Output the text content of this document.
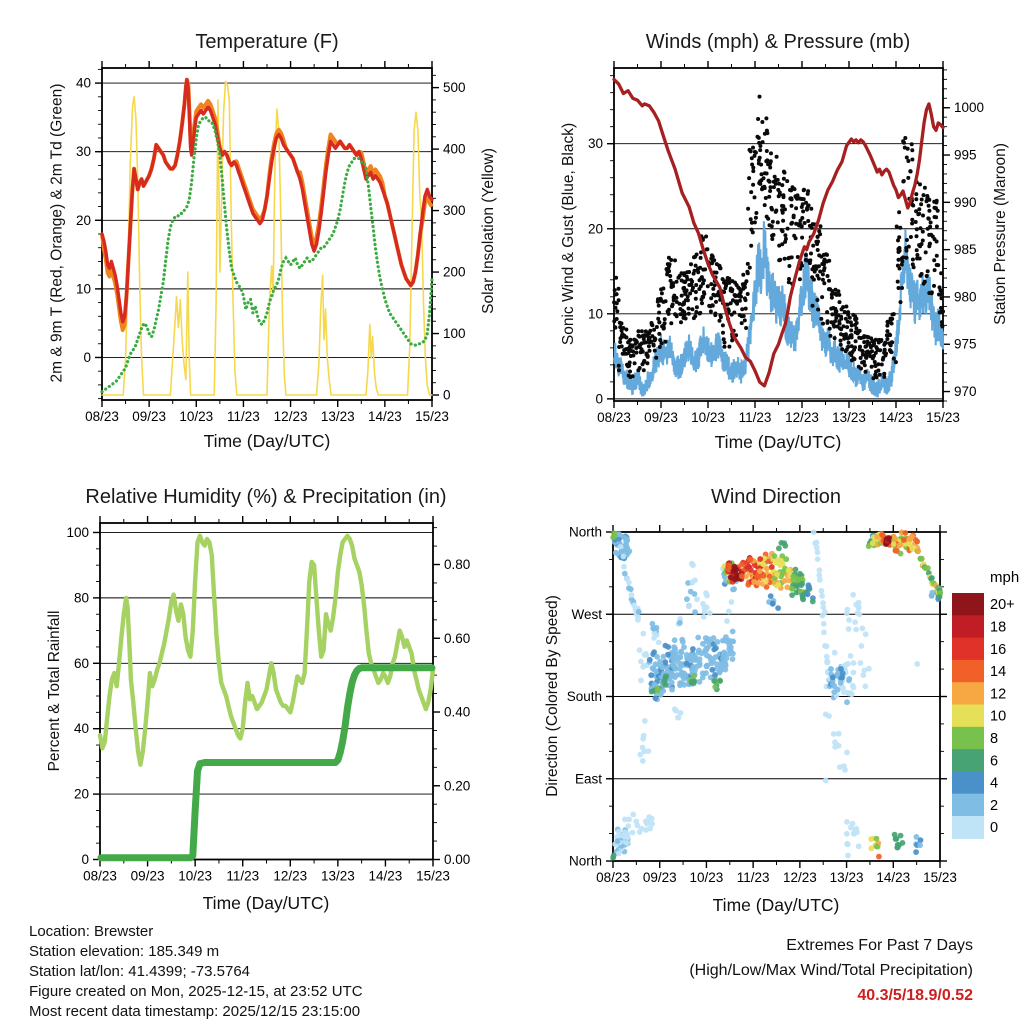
08/23 09/23 10/23 11/23 12/23 13/23 14/23 15/23
0
10
20
30
40
0
100
200
300
400
500
08/23 09/23 10/23 11/23 12/23 13/23 14/23 15/23
0
10
20
30
970
975
980
985
990
995
1000
08/23 09/23 10/23 11/23 12/23 13/23 14/23 15/23
0
20
40
60
80
100
0.00
0.20
0.40
0.60
0.80
08/23 09/23 10/23 11/23 12/23 13/23 14/23 15/23
North
West
South
East
North
20+
18
16
14
12
10
8
6
4
2
0
mph
Temperature (F)	Winds (mph) & Pressure (mb)
Relative Humidity (%) & Precipitation (in)	Wind Direction
Time (Day/UTC)	Time (Day/UTC)
Time (Day/UTC)	Time (Day/UTC)
2m & 9m T (Red, Orange) & 2m Td (Green)	Solar Insolation (Yellow)	Sonic Wind & Gust (Blue, Black)	Station Pressure (Maroon)
Percent & Total Rainfall	Direction (Colored By Speed)
Location: Brewster
Station elevation: 185.349 m
Station lat/lon: 41.4399; -73.5764
Figure created on Mon, 2025-12-15, at 23:52 UTC
Most recent data timestamp: 2025/12/15 23:15:00
Extremes For Past 7 Days
(High/Low/Max Wind/Total Precipitation)
40.3/5/18.9/0.52
